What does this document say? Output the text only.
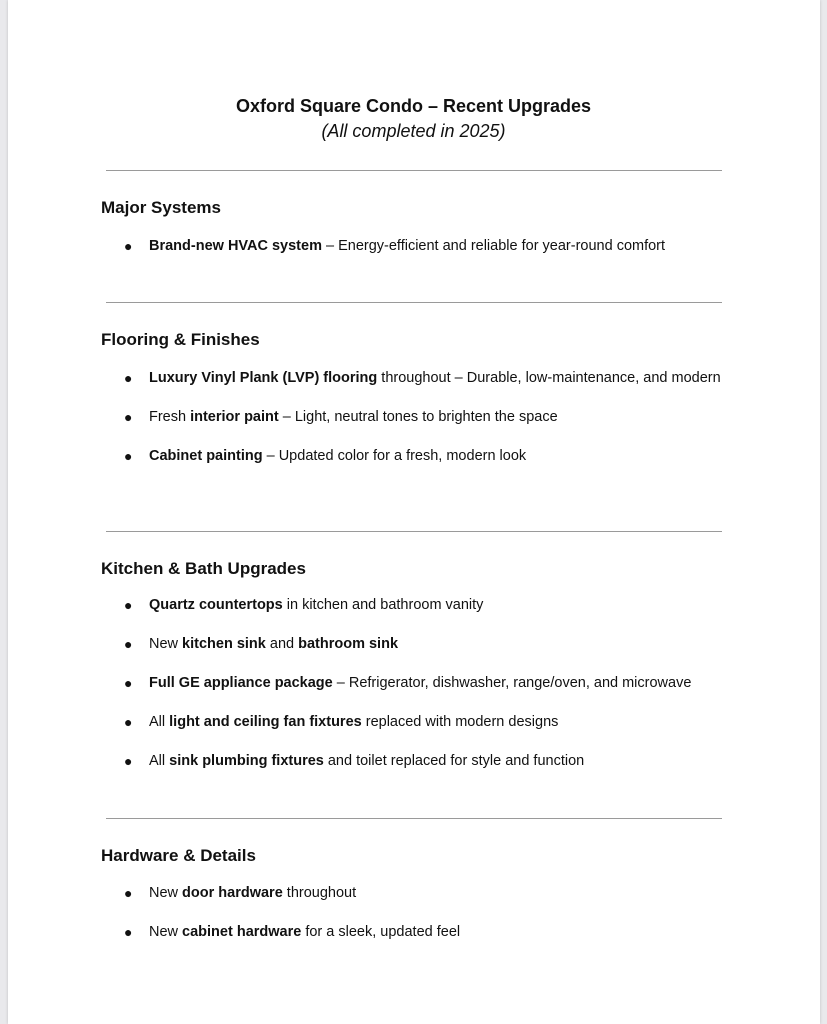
Oxford Square Condo – Recent Upgrades
(All completed in 2025)
Major Systems
● Brand-new HVAC system – Energy-efficient and reliable for year-round comfort
Flooring & Finishes
● Luxury Vinyl Plank (LVP) flooring throughout – Durable, low-maintenance, and modern
● Fresh interior paint – Light, neutral tones to brighten the space
● Cabinet painting – Updated color for a fresh, modern look
Kitchen & Bath Upgrades
● Quartz countertops in kitchen and bathroom vanity
● New kitchen sink and bathroom sink
● Full GE appliance package – Refrigerator, dishwasher, range/oven, and microwave
● All light and ceiling fan fixtures replaced with modern designs
● All sink plumbing fixtures and toilet replaced for style and function
Hardware & Details
● New door hardware throughout
● New cabinet hardware for a sleek, updated feel
